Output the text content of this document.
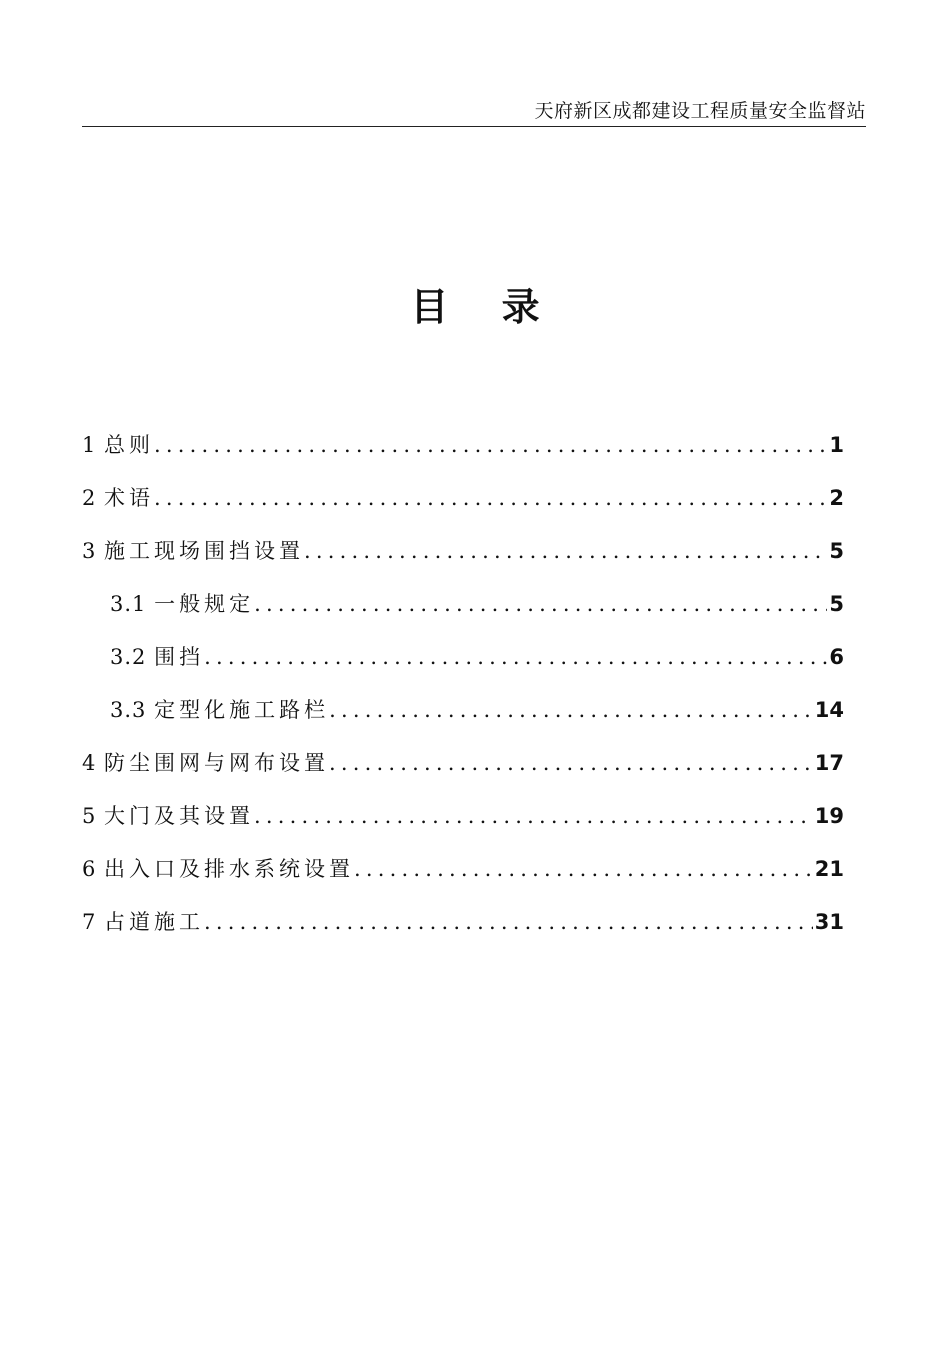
天府新区成都建设工程质量安全监督站
目 录
1 总则 .....	1
2 术语 .....	2
3 施工现场围挡设置 .....	5
3.1 一般规定 .....	5
3.2 围挡 .....	6
3.3 定型化施工路栏 .....	14
4 防尘围网与网布设置 .....	17
5 大门及其设置 .....	19
6 出入口及排水系统设置 .....	21
7 占道施工 .....	31
